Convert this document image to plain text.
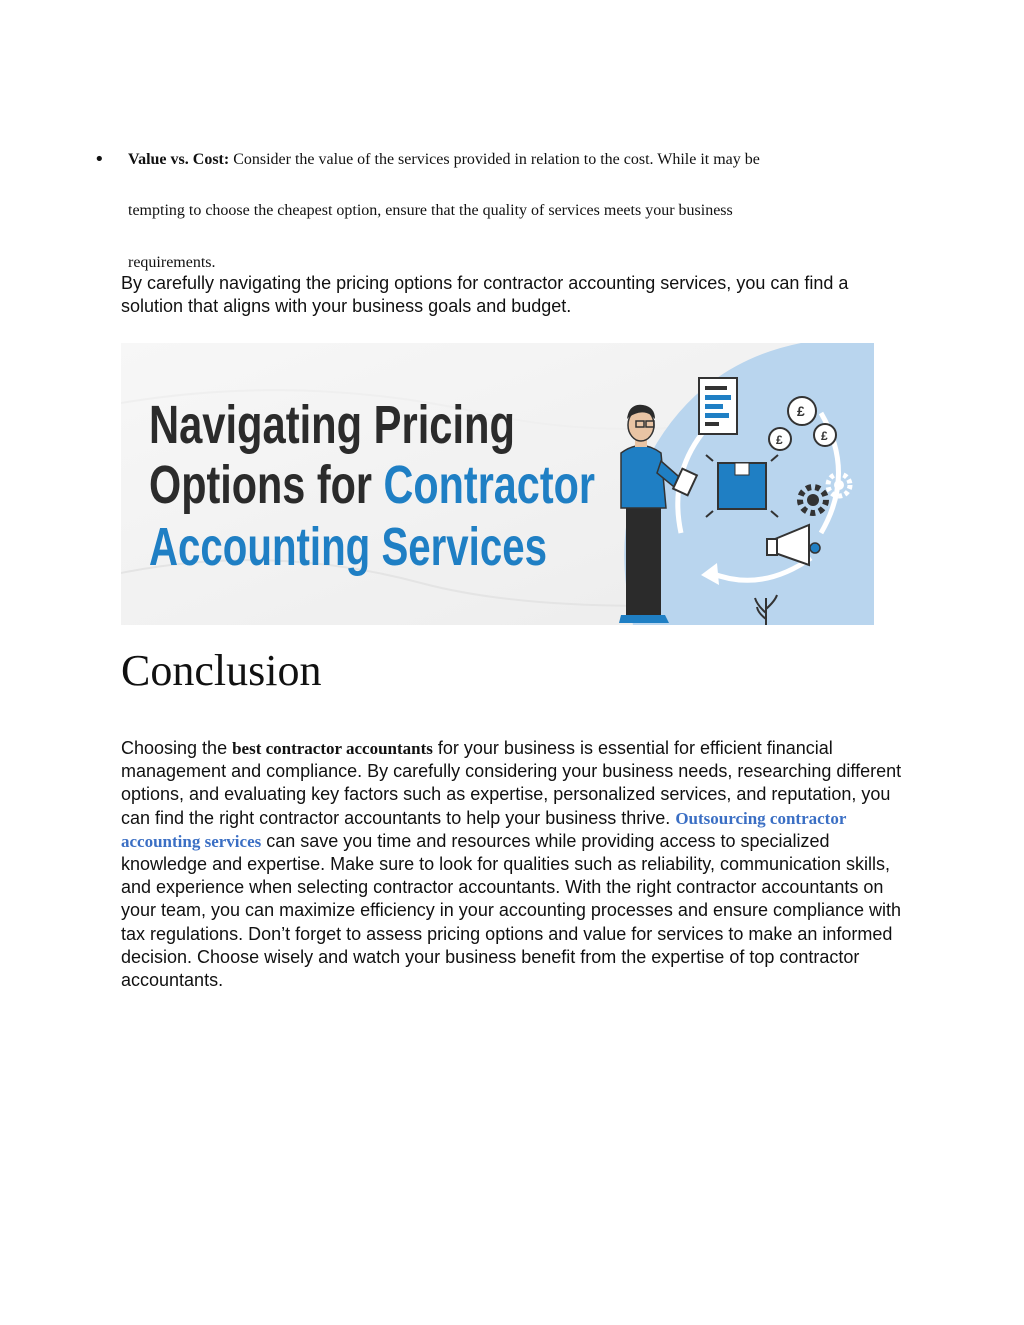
• Value vs. Cost: Consider the value of the services provided in relation to the cost. While it may be
tempting to choose the cheapest option, ensure that the quality of services meets your business
requirements.
By carefully navigating the pricing options for contractor accounting services, you can find a solution that aligns with your business goals and budget.
Navigating Pricing
Options for Contractor
Accounting Services
£
£	£
Conclusion
Choosing the best contractor accountants for your business is essential for efficient financial management and compliance. By carefully considering your business needs, researching different options, and evaluating key factors such as expertise, personalized services, and reputation, you can find the right contractor accountants to help your business thrive. Outsourcing contractor accounting services can save you time and resources while providing access to specialized knowledge and expertise. Make sure to look for qualities such as reliability, communication skills, and experience when selecting contractor accountants. With the right contractor accountants on your team, you can maximize efficiency in your accounting processes and ensure compliance with tax regulations. Don’t forget to assess pricing options and value for services to make an informed decision. Choose wisely and watch your business benefit from the expertise of top contractor accountants.
